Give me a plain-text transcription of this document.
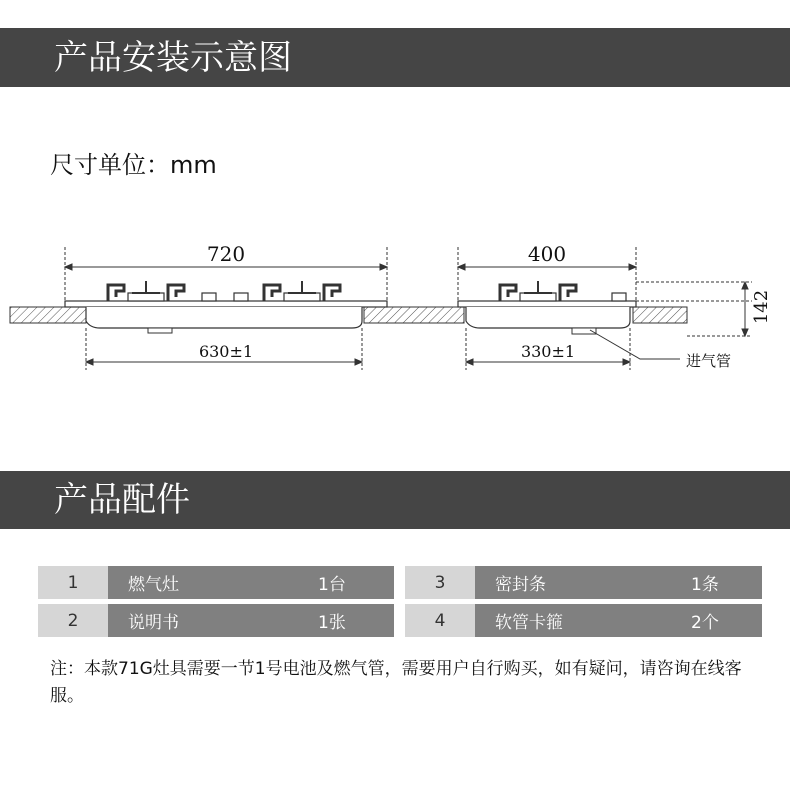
产品安装示意图
尺寸单位：mm
720
630±1
400
330±1
142
进气管
产品配件
1	燃气灶	1台
2	说明书	1张
3	密封条	1条
4	软管卡箍	2个
注：本款71G灶具需要一节1号电池及燃气管，需要用户自行购买，如有疑问，请咨询在线客服。
